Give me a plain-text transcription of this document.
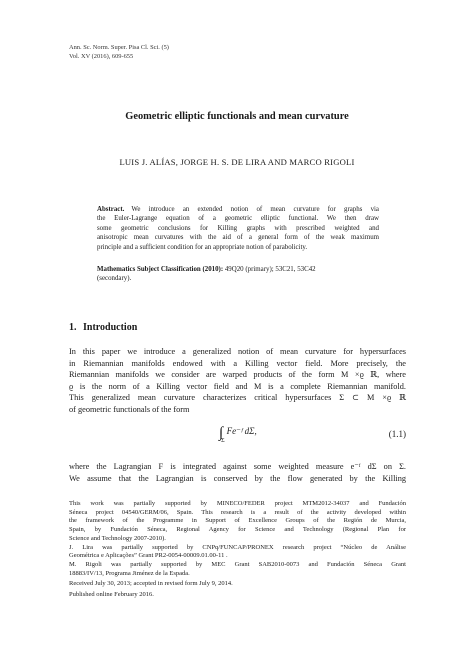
Ann. Sc. Norm. Super. Pisa Cl. Sci. (5)
Vol. XV (2016), 609-655
Geometric elliptic functionals and mean curvature
LUIS J. ALÍAS, JORGE H. S. DE LIRA AND MARCO RIGOLI
Abstract. We introduce an extended notion of mean curvature for graphs via
the Euler-Lagrange equation of a geometric elliptic functional. We then draw
some geometric conclusions for Killing graphs with prescribed weighted and
anisotropic mean curvatures with the aid of a general form of the weak maximum
principle and a sufficient condition for an appropriate notion of parabolicity.
Mathematics Subject Classification (2010): 49Q20 (primary); 53C21, 53C42
(secondary).
1. Introduction
In this paper we introduce a generalized notion of mean curvature for hypersurfaces
in Riemannian manifolds endowed with a Killing vector field. More precisely, the
Riemannian manifolds we consider are warped products of the form M ×ϱ ℝ, where
ϱ is the norm of a Killing vector field and M is a complete Riemannian manifold.
This generalized mean curvature characterizes critical hypersurfaces Σ ⊂ M ×ϱ ℝ
of geometric functionals of the form
$\int_\Sigma Fe^-ᶠ$ dΣ,	(1.1)
where the Lagrangian F is integrated against some weighted measure e⁻ᶠ dΣ on Σ.
We assume that the Lagrangian is conserved by the flow generated by the Killing
This work was partially supported by MINECO/FEDER project MTM2012-34037 and Fundación
Séneca project 04540/GERM/06, Spain. This research is a result of the activity developed within
the framework of the Programme in Support of Excellence Groups of the Región de Murcia,
Spain, by Fundación Séneca, Regional Agency for Science and Technology (Regional Plan for
Science and Technology 2007-2010).
J. Lira was partially supported by CNPq/FUNCAP/PRONEX research project “Núcleo de Análise
Geométrica e Aplicações” Grant PR2-0054-00009.01.00-11 .
M. Rigoli was partially supported by MEC Grant SAB2010-0073 and Fundación Séneca Grant
18883/IV/13, Programa Jiménez de la Espada.
Received July 30, 2013; accepted in revised form July 9, 2014.
Published online February 2016.
